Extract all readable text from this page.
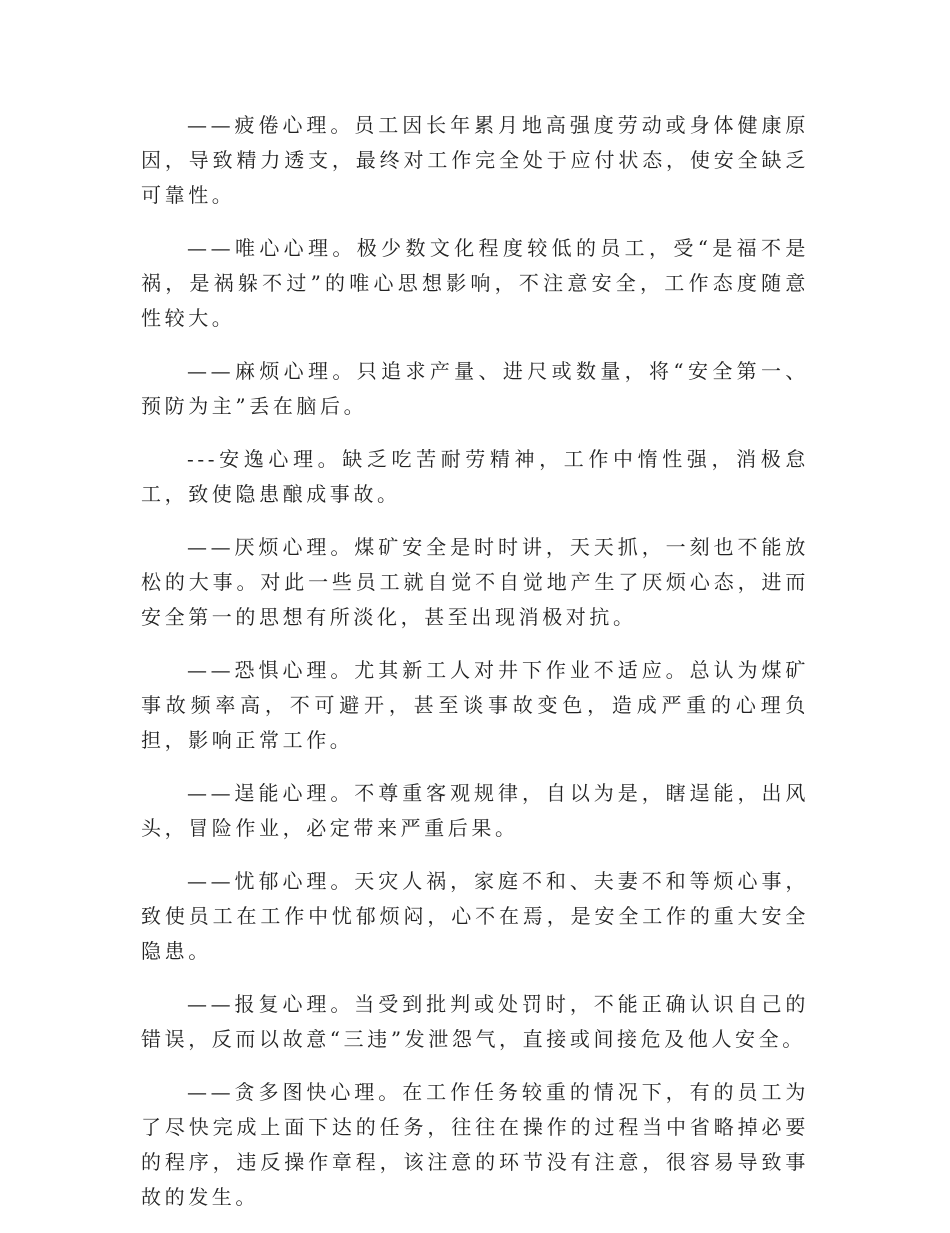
——疲倦心理。员工因长年累月地高强度劳动或身体健康原因，导致精力透支，最终对工作完全处于应付状态，使安全缺乏可靠性。

——唯心心理。极少数文化程度较低的员工，受“是福不是祸，是祸躲不过”的唯心思想影响，不注意安全，工作态度随意性较大。

——麻烦心理。只追求产量、进尺或数量，将“安全第一、预防为主”丢在脑后。

---安逸心理。缺乏吃苦耐劳精神，工作中惰性强，消极怠工，致使隐患酿成事故。

——厌烦心理。煤矿安全是时时讲，天天抓，一刻也不能放松的大事。对此一些员工就自觉不自觉地产生了厌烦心态，进而安全第一的思想有所淡化，甚至出现消极对抗。

——恐惧心理。尤其新工人对井下作业不适应。总认为煤矿事故频率高，不可避开，甚至谈事故变色，造成严重的心理负担，影响正常工作。

——逞能心理。不尊重客观规律，自以为是，瞎逞能，出风头，冒险作业，必定带来严重后果。

——忧郁心理。天灾人祸，家庭不和、夫妻不和等烦心事，致使员工在工作中忧郁烦闷，心不在焉，是安全工作的重大安全隐患。

——报复心理。当受到批判或处罚时，不能正确认识自己的错误，反而以故意“三违”发泄怨气，直接或间接危及他人安全。

——贪多图快心理。在工作任务较重的情况下，有的员工为了尽快完成上面下达的任务，往往在操作的过程当中省略掉必要的程序，违反操作章程，该注意的环节没有注意，很容易导致事故的发生。
